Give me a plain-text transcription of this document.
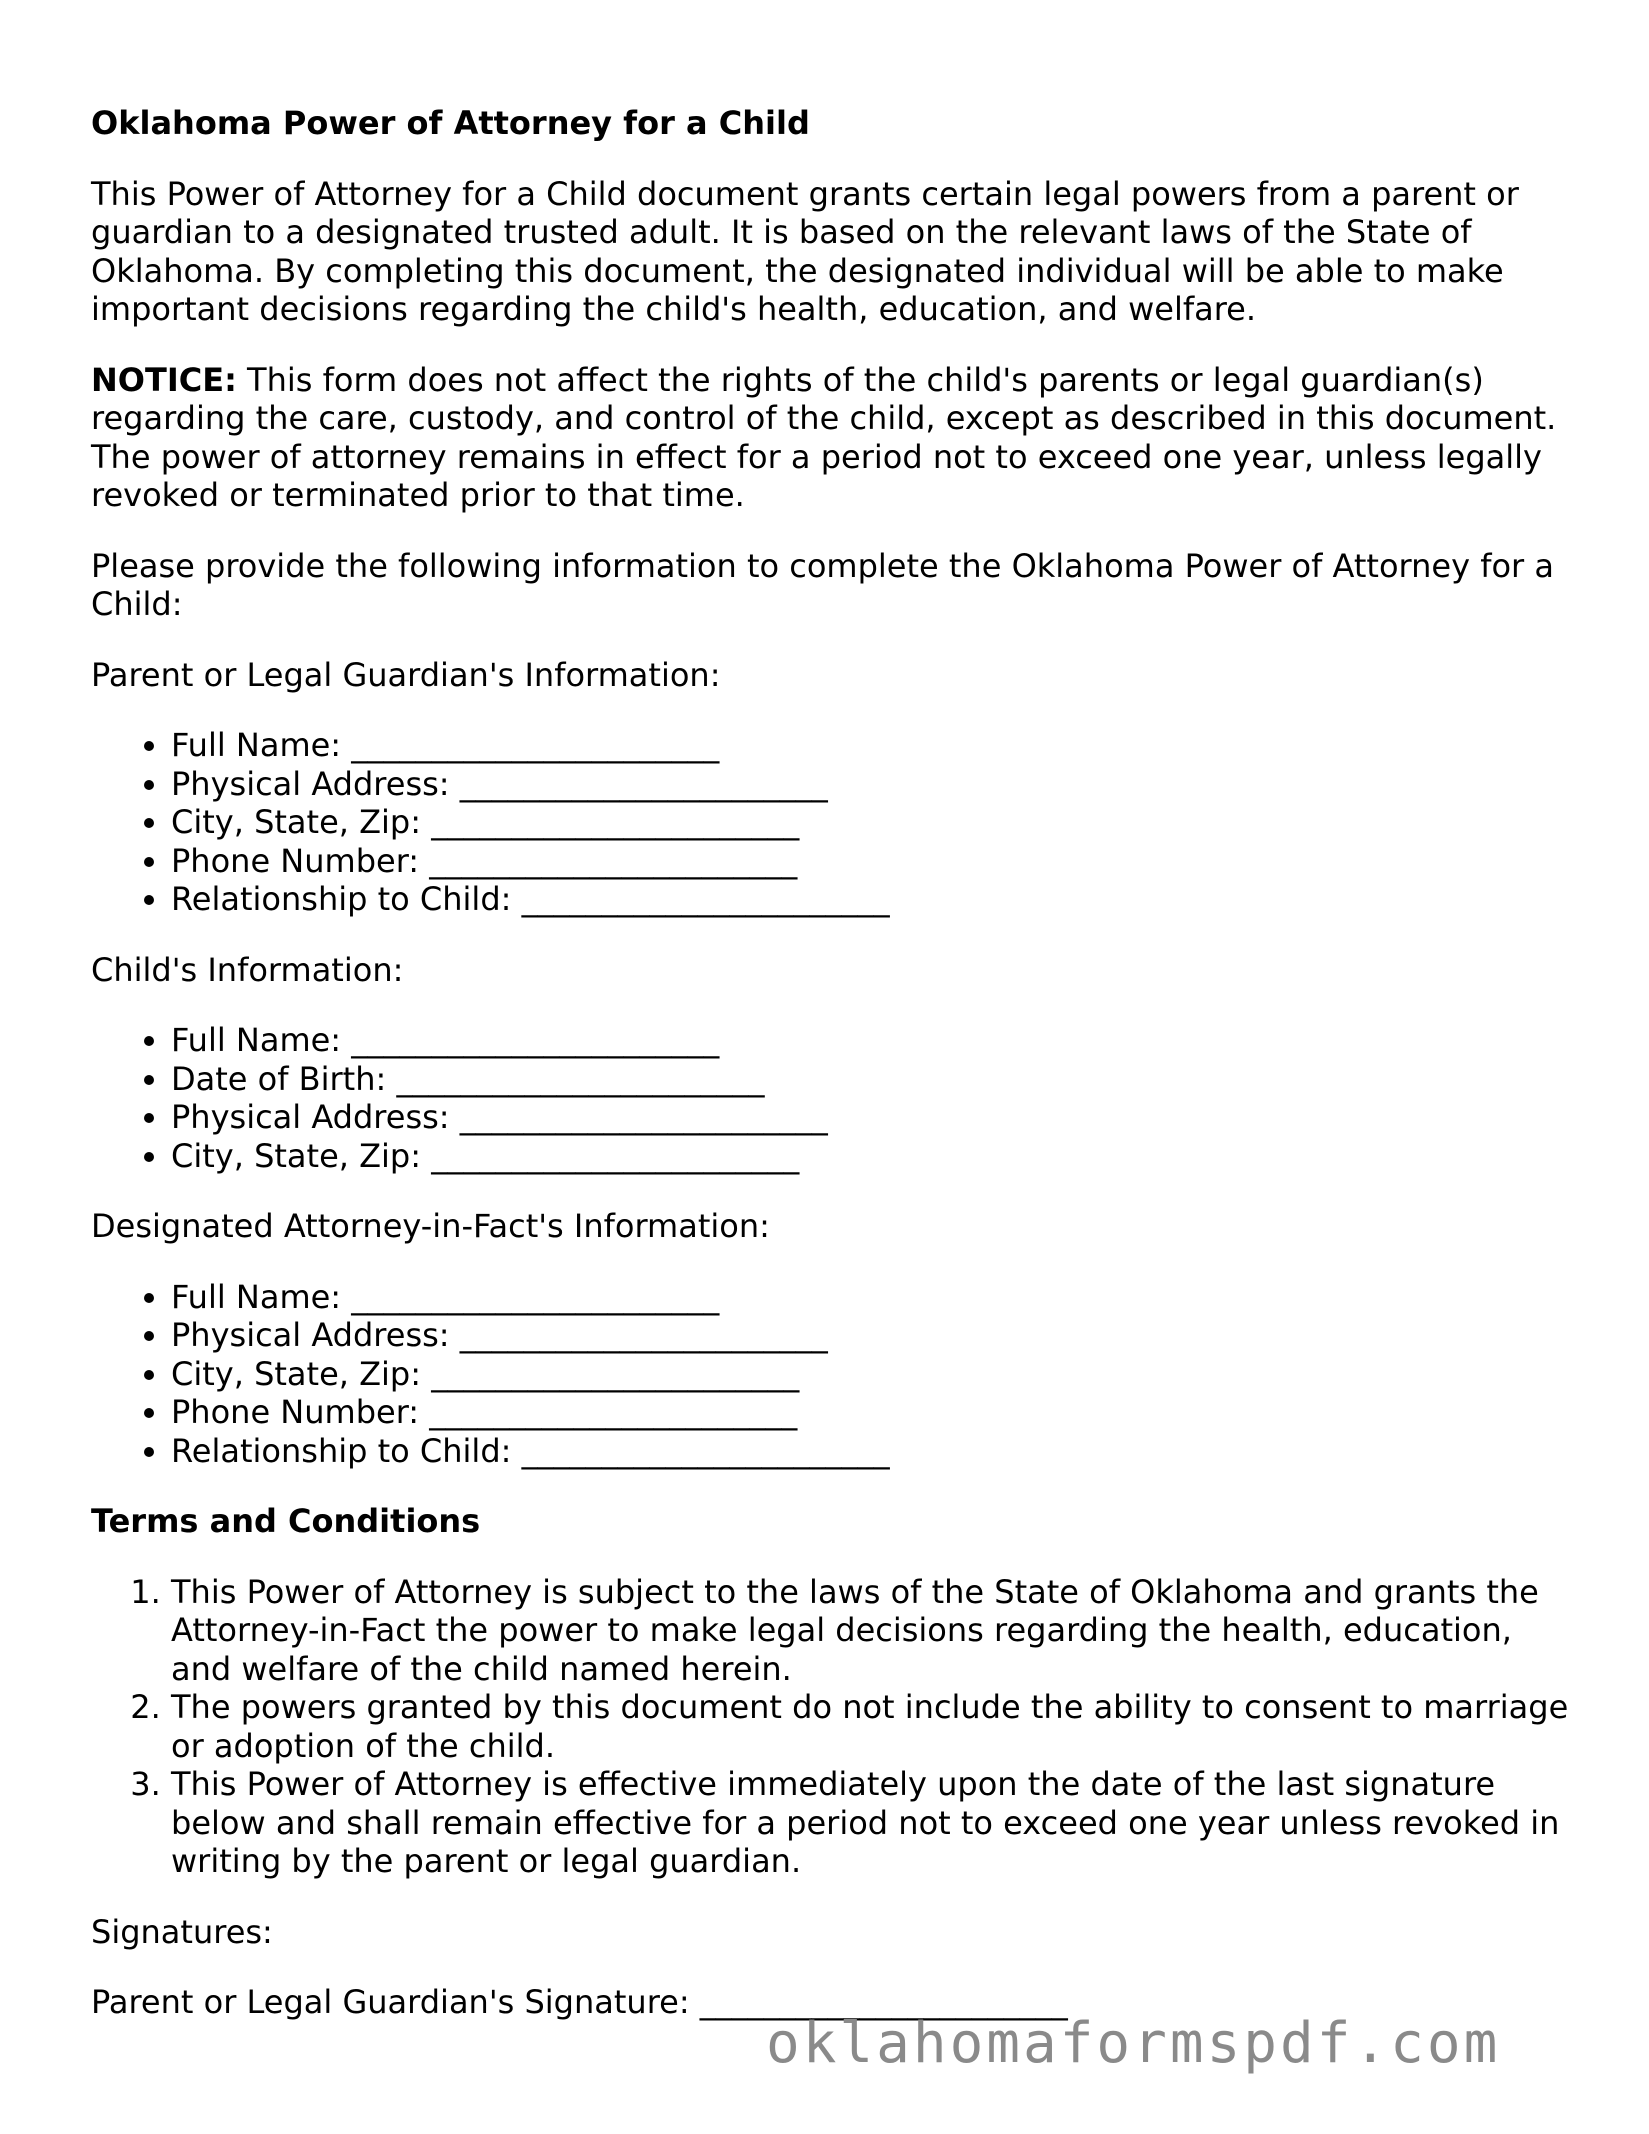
Oklahoma Power of Attorney for a Child

This Power of Attorney for a Child document grants certain legal powers from a parent or guardian to a designated trusted adult. It is based on the relevant laws of the State of Oklahoma. By completing this document, the designated individual will be able to make important decisions regarding the child's health, education, and welfare.

NOTICE: This form does not affect the rights of the child's parents or legal guardian(s) regarding the care, custody, and control of the child, except as described in this document. The power of attorney remains in effect for a period not to exceed one year, unless legally revoked or terminated prior to that time.

Please provide the following information to complete the Oklahoma Power of Attorney for a Child:

Parent or Legal Guardian's Information:

• Full Name: _______________________
• Physical Address: _______________________
• City, State, Zip: _______________________
• Phone Number: _______________________
• Relationship to Child: _______________________

Child's Information:

• Full Name: _______________________
• Date of Birth: _______________________
• Physical Address: _______________________
• City, State, Zip: _______________________

Designated Attorney-in-Fact's Information:

• Full Name: _______________________
• Physical Address: _______________________
• City, State, Zip: _______________________
• Phone Number: _______________________
• Relationship to Child: _______________________
Terms and Conditions
1. This Power of Attorney is subject to the laws of the State of Oklahoma and grants the Attorney-in-Fact the power to make legal decisions regarding the health, education, and welfare of the child named herein.
2. The powers granted by this document do not include the ability to consent to marriage or adoption of the child.
3. This Power of Attorney is effective immediately upon the date of the last signature below and shall remain effective for a period not to exceed one year unless revoked in writing by the parent or legal guardian.

Signatures:

Parent or Legal Guardian's Signature: _______________________

oklahomaformspdf.com
